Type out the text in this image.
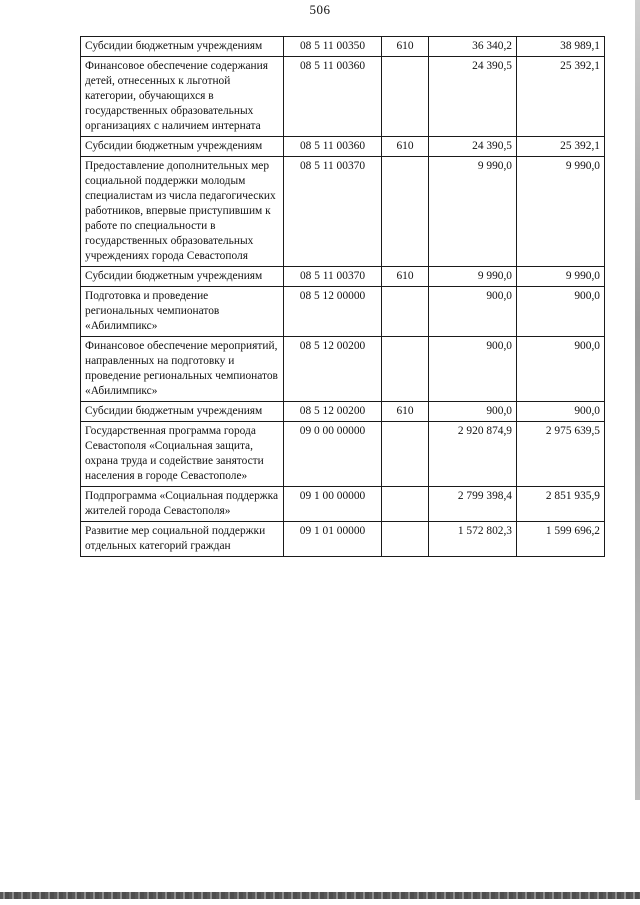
506
Субсидии бюджетным учреждениям	08 5 11 00350	610	36 340,2	38 989,1
Финансовое обеспечение содержания детей, отнесенных к льготной категории, обучающихся в государственных образовательных организациях с наличием интерната	08 5 11 00360		24 390,5	25 392,1
Субсидии бюджетным учреждениям	08 5 11 00360	610	24 390,5	25 392,1
Предоставление дополнительных мер социальной поддержки молодым специалистам из числа педагогических работников, впервые приступившим к работе по специальности в государственных образовательных учреждениях города Севастополя	08 5 11 00370		9 990,0	9 990,0
Субсидии бюджетным учреждениям	08 5 11 00370	610	9 990,0	9 990,0
Подготовка и проведение региональных чемпионатов «Абилимпикс»	08 5 12 00000		900,0	900,0
Финансовое обеспечение мероприятий, направленных на подготовку и проведение региональных чемпионатов «Абилимпикс»	08 5 12 00200		900,0	900,0
Субсидии бюджетным учреждениям	08 5 12 00200	610	900,0	900,0
Государственная программа города Севастополя «Социальная защита, охрана труда и содействие занятости населения в городе Севастополе»	09 0 00 00000		2 920 874,9	2 975 639,5
Подпрограмма «Социальная поддержка жителей города Севастополя»	09 1 00 00000		2 799 398,4	2 851 935,9
Развитие мер социальной поддержки отдельных категорий граждан	09 1 01 00000		1 572 802,3	1 599 696,2
